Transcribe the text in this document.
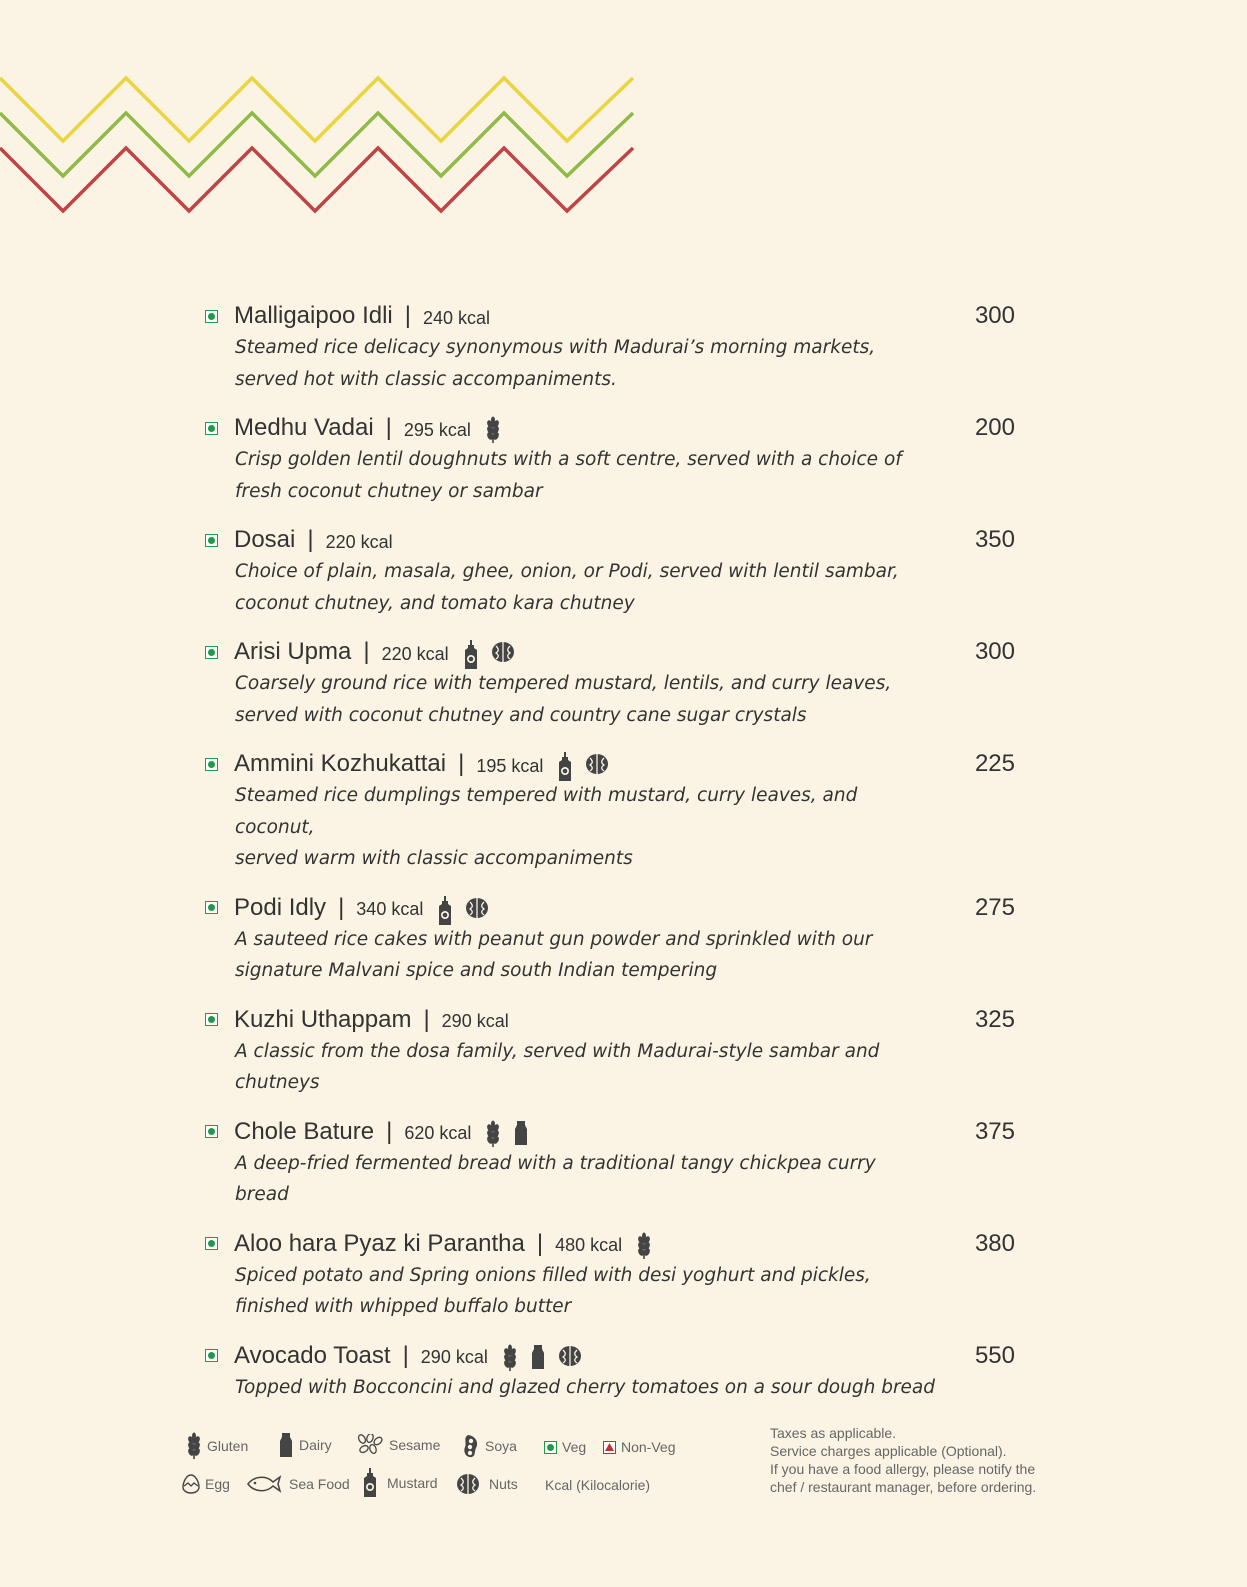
Malligaipoo Idli | 240 kcal	300
Steamed rice delicacy synonymous with Madurai’s morning markets,
served hot with classic accompaniments.
Medhu Vadai | 295 kcal	200
Crisp golden lentil doughnuts with a soft centre, served with a choice of
fresh coconut chutney or sambar
Dosai | 220 kcal	350
Choice of plain, masala, ghee, onion, or Podi, served with lentil sambar,
coconut chutney, and tomato kara chutney
Arisi Upma | 220 kcal	300
Coarsely ground rice with tempered mustard, lentils, and curry leaves,
served with coconut chutney and country cane sugar crystals
Ammini Kozhukattai | 195 kcal	225
Steamed rice dumplings tempered with mustard, curry leaves, and coconut,
served warm with classic accompaniments
Podi Idly | 340 kcal	275
A sauteed rice cakes with peanut gun powder and sprinkled with our
signature Malvani spice and south Indian tempering
Kuzhi Uthappam | 290 kcal	325
A classic from the dosa family, served with Madurai-style sambar and chutneys
Chole Bature | 620 kcal	375
A deep-fried fermented bread with a traditional tangy chickpea curry bread
Aloo hara Pyaz ki Parantha | 480 kcal	380
Spiced potato and Spring onions filled with desi yoghurt and pickles,
finished with whipped buffalo butter
Avocado Toast | 290 kcal	550
Topped with Bocconcini and glazed cherry tomatoes on a sour dough bread
Gluten	Dairy	Sesame	Soya	Veg Non-Veg
Egg	Sea Food	Mustard	Nuts Kcal (Kilocalorie)
Taxes as applicable.
Service charges applicable (Optional).
If you have a food allergy, please notify the
chef / restaurant manager, before ordering.
